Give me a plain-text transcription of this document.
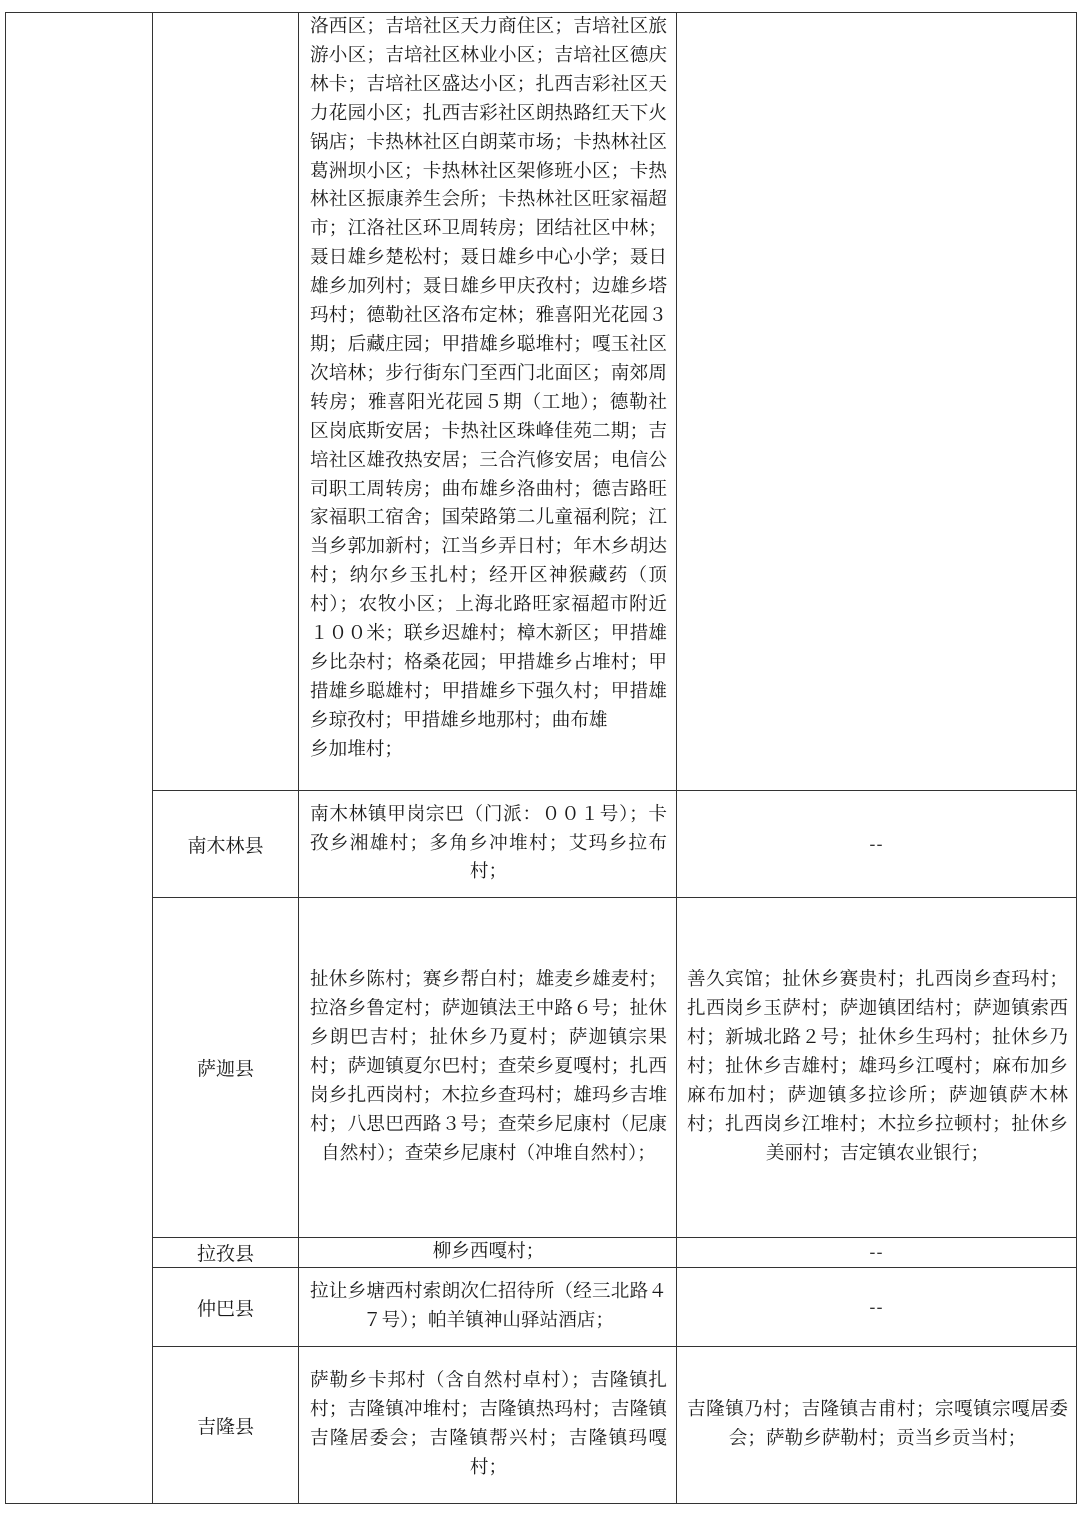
		洛西区；吉培社区天力商住区；吉培社区旅游小区；吉培社区林业小区；吉培社区德庆林卡；吉培社区盛达小区；扎西吉彩社区天力花园小区；扎西吉彩社区朗热路红天下火锅店；卡热林社区白朗菜市场；卡热林社区葛洲坝小区；卡热林社区架修班小区；卡热林社区振康养生会所；卡热林社区旺家福超市；江洛社区环卫周转房；团结社区中林；聂日雄乡楚松村；聂日雄乡中心小学；聂日雄乡加列村；聂日雄乡甲庆孜村；边雄乡塔玛村；德勒社区洛布定林；雅喜阳光花园３期；后藏庄园；甲措雄乡聪堆村；嘎玉社区次培林；步行街东门至西门北面区；南郊周转房；雅喜阳光花园５期（工地）；德勒社区岗底斯安居；卡热社区珠峰佳苑二期；吉培社区雄孜热安居；三合汽修安居；电信公司职工周转房；曲布雄乡洛曲村；德吉路旺家福职工宿舍；国荣路第二儿童福利院；江当乡郭加新村；江当乡弄日村；年木乡胡达村；纳尔乡玉扎村；经开区神猴藏药（顶村）；农牧小区；上海北路旺家福超市附近１００米；联乡迟雄村；樟木新区；甲措雄乡比杂村；格桑花园；甲措雄乡占堆村；甲措雄乡聪雄村；甲措雄乡下强久村；甲措雄乡琼孜村；甲措雄乡地那村；曲布雄
乡加堆村；	

	南木林县	南木林镇甲岗宗巴（门派：００１号）；卡孜乡湘雄村；多角乡冲堆村；艾玛乡拉布村；	--
	萨迦县	扯休乡陈村；赛乡帮白村；雄麦乡雄麦村；拉洛乡鲁定村；萨迦镇法王中路６号；扯休乡朗巴吉村；扯休乡乃夏村；萨迦镇宗果村；萨迦镇夏尔巴村；查荣乡夏嘎村；扎西岗乡扎西岗村；木拉乡查玛村；雄玛乡吉堆村；八思巴西路３号；查荣乡尼康村（尼康自然村）；查荣乡尼康村（冲堆自然村）；	善久宾馆；扯休乡赛贵村；扎西岗乡查玛村；扎西岗乡玉萨村；萨迦镇团结村；萨迦镇索西村；新城北路２号；扯休乡生玛村；扯休乡乃村；扯休乡吉雄村；雄玛乡江嘎村；麻布加乡麻布加村；萨迦镇多拉诊所；萨迦镇萨木林村；扎西岗乡江堆村；木拉乡拉顿村；扯休乡美丽村；吉定镇农业银行；
	拉孜县	柳乡西嘎村；	--
	仲巴县	拉让乡塘西村索朗次仁招待所（经三北路４７号）；帕羊镇神山驿站酒店；	--
	吉隆县	萨勒乡卡邦村（含自然村卓村）；吉隆镇扎村；吉隆镇冲堆村；吉隆镇热玛村；吉隆镇吉隆居委会；吉隆镇帮兴村；吉隆镇玛嘎村；	吉隆镇乃村；吉隆镇吉甫村；宗嘎镇宗嘎居委会；萨勒乡萨勒村；贡当乡贡当村；
